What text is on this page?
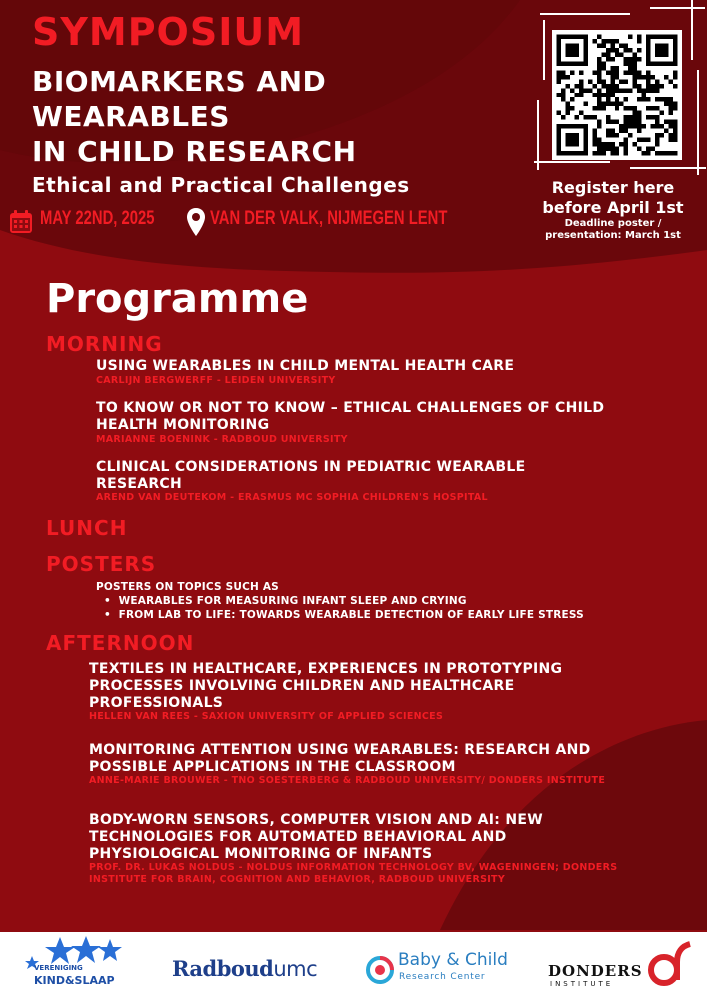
SYMPOSIUM
BIOMARKERS AND
WEARABLES
IN CHILD RESEARCH
Ethical and Practical Challenges
MAY 22ND, 2025	VAN DER VALK, NIJMEGEN LENT
Register here
before April 1st
Deadline poster /
presentation: March 1st
Programme
MORNING
USING WEARABLES IN CHILD MENTAL HEALTH CARE
CARLIJN BERGWERFF - LEIDEN UNIVERSITY
TO KNOW OR NOT TO KNOW – ETHICAL CHALLENGES OF CHILD
HEALTH MONITORING
MARIANNE BOENINK - RADBOUD UNIVERSITY
CLINICAL CONSIDERATIONS IN PEDIATRIC WEARABLE
RESEARCH
AREND VAN DEUTEKOM - ERASMUS MC SOPHIA CHILDREN'S HOSPITAL
LUNCH
POSTERS
POSTERS ON TOPICS SUCH AS
•  WEARABLES FOR MEASURING INFANT SLEEP AND CRYING
•  FROM LAB TO LIFE: TOWARDS WEARABLE DETECTION OF EARLY LIFE STRESS
AFTERNOON
TEXTILES IN HEALTHCARE, EXPERIENCES IN PROTOTYPING
PROCESSES INVOLVING CHILDREN AND HEALTHCARE
PROFESSIONALS
HELLEN VAN REES - SAXION UNIVERSITY OF APPLIED SCIENCES
MONITORING ATTENTION USING WEARABLES: RESEARCH AND
POSSIBLE APPLICATIONS IN THE CLASSROOM
ANNE-MARIE BROUWER - TNO SOESTERBERG & RADBOUD UNIVERSITY/ DONDERS INSTITUTE
BODY-WORN SENSORS, COMPUTER VISION AND AI: NEW
TECHNOLOGIES FOR AUTOMATED BEHAVIORAL AND
PHYSIOLOGICAL MONITORING OF INFANTS
PROF. DR. LUKAS NOLDUS - NOLDUS INFORMATION TECHNOLOGY BV, WAGENINGEN; DONDERS
INSTITUTE FOR BRAIN, COGNITION AND BEHAVIOR, RADBOUD UNIVERSITY
VERENIGING
KIND&SLAAP	Radboudumc	Baby & Child
Research Center	DONDERS
INSTITUTE
